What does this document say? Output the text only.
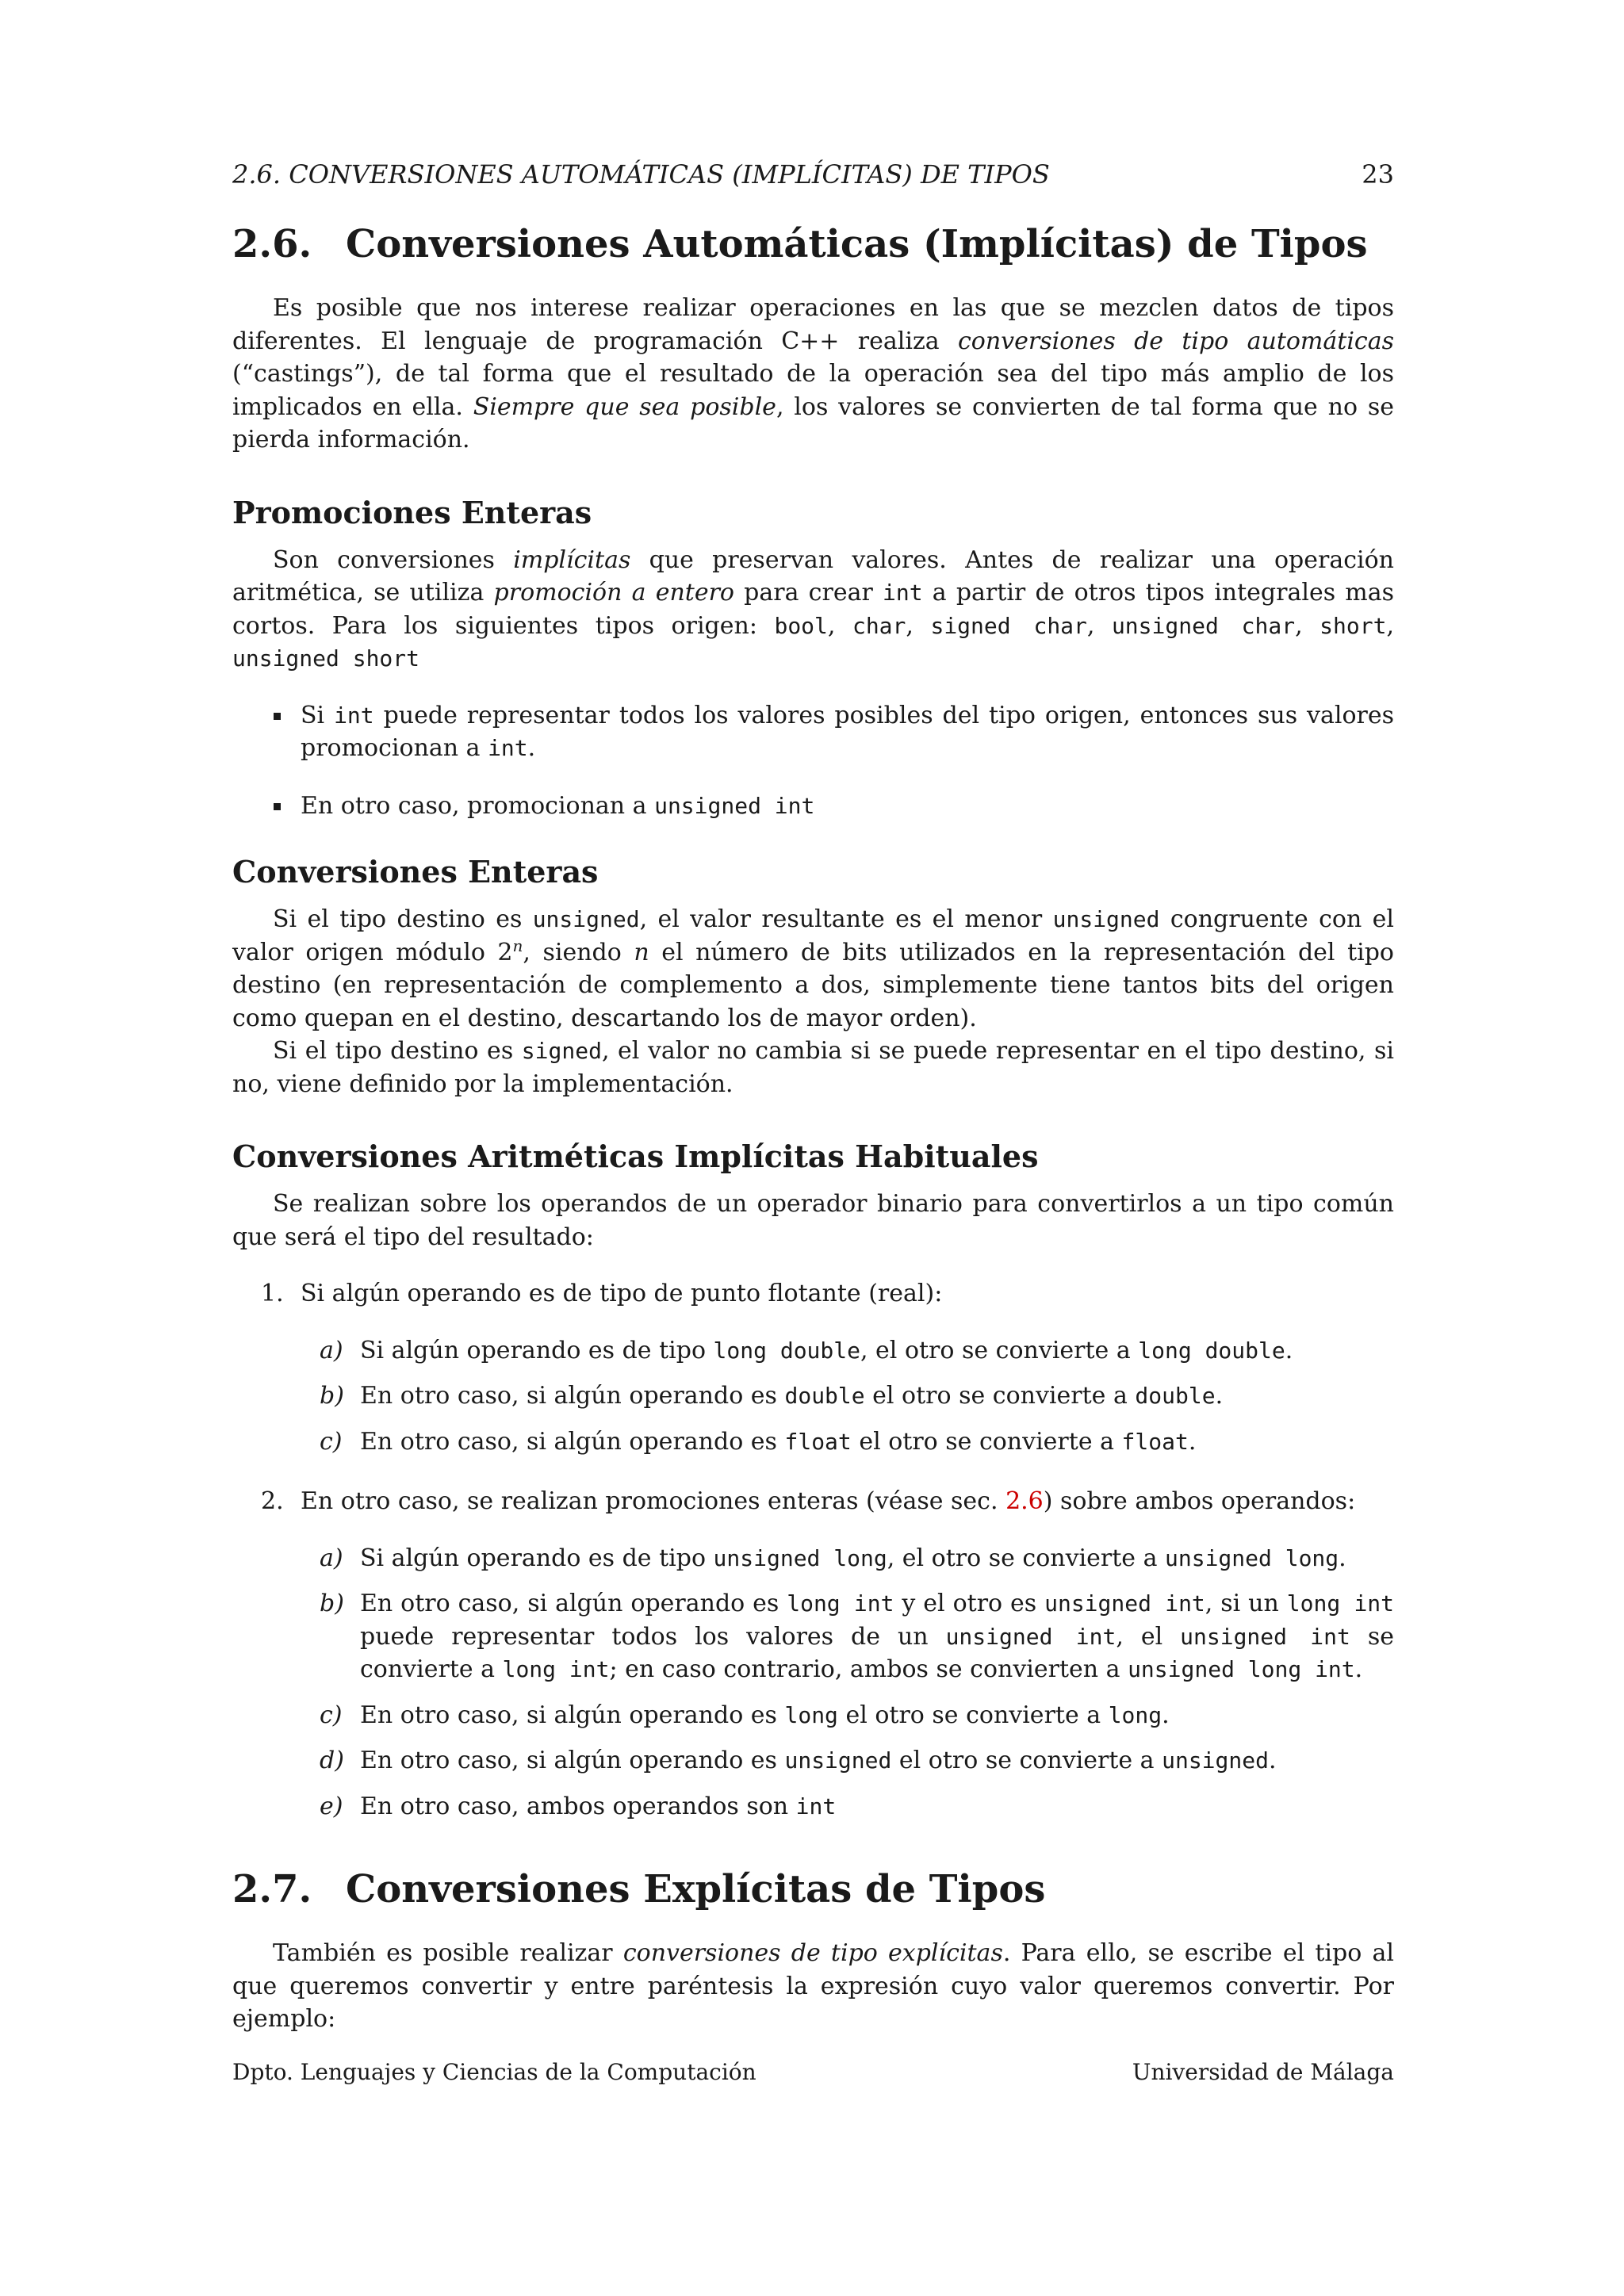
2.6. CONVERSIONES AUTOMÁTICAS (IMPLÍCITAS) DE TIPOS	23
2.6. Conversiones Automáticas (Implícitas) de Tipos

Es posible que nos interese realizar operaciones en las que se mezclen datos de tipos diferentes. El lenguaje de programación C++ realiza conversiones de tipo automáticas (“castings”), de tal forma que el resultado de la operación sea del tipo más amplio de los implicados en ella. Siempre que sea posible, los valores se convierten de tal forma que no se pierda información.

Promociones Enteras

Son conversiones implícitas que preservan valores. Antes de realizar una operación aritmética, se utiliza promoción a entero para crear int a partir de otros tipos integrales mas cortos. Para los siguientes tipos origen: bool, char, signed char, unsigned char, short, unsigned short

Si int puede representar todos los valores posibles del tipo origen, entonces sus valores promocionan a int.
En otro caso, promocionan a unsigned int
Conversiones Enteras

Si el tipo destino es unsigned, el valor resultante es el menor unsigned congruente con el valor origen módulo 2$^n$, siendo n el número de bits utilizados en la representación del tipo destino (en representación de complemento a dos, simplemente tiene tantos bits del origen como quepan en el destino, descartando los de mayor orden).

Si el tipo destino es signed, el valor no cambia si se puede representar en el tipo destino, si no, viene definido por la implementación.

Conversiones Aritméticas Implícitas Habituales

Se realizan sobre los operandos de un operador binario para convertirlos a un tipo común que será el tipo del resultado:

1. Si algún operando es de tipo de punto flotante (real):
a) Si algún operando es de tipo long double, el otro se convierte a long double.
b) En otro caso, si algún operando es double el otro se convierte a double.
c) En otro caso, si algún operando es float el otro se convierte a float.
2. En otro caso, se realizan promociones enteras (véase sec. 2.6) sobre ambos operandos:
a) Si algún operando es de tipo unsigned long, el otro se convierte a unsigned long.
b) En otro caso, si algún operando es long int y el otro es unsigned int, si un long int puede representar todos los valores de un unsigned int, el unsigned int se convierte a long int; en caso contrario, ambos se convierten a unsigned long int.
c) En otro caso, si algún operando es long el otro se convierte a long.
d) En otro caso, si algún operando es unsigned el otro se convierte a unsigned.
e) En otro caso, ambos operandos son int
2.7. Conversiones Explícitas de Tipos

También es posible realizar conversiones de tipo explícitas. Para ello, se escribe el tipo al que queremos convertir y entre paréntesis la expresión cuyo valor queremos convertir. Por ejemplo:

Dpto. Lenguajes y Ciencias de la Computación	Universidad de Málaga
